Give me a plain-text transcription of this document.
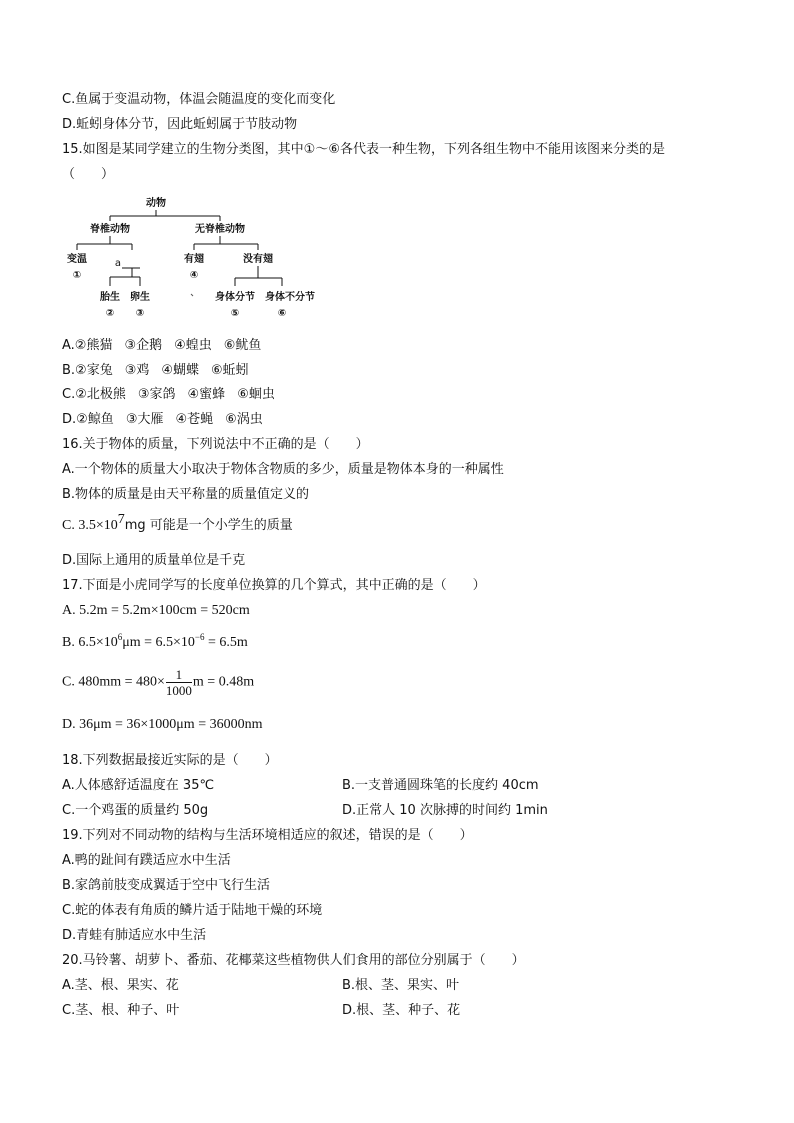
C.鱼属于变温动物，体温会随温度的变化而变化
D.蚯蚓身体分节，因此蚯蚓属于节肢动物
15.如图是某同学建立的生物分类图，其中①～⑥各代表一种生物，下列各组生物中不能用该图来分类的是
（　　）
动物
脊椎动物	无脊椎动物
变温
①
a
胎生
②
卵生
③
有翅
④
没有翅
身体分节
⑤
身体不分节
⑥
A.②熊猫 ③企鹅 ④蝗虫 ⑥鱿鱼
B.②家兔 ③鸡 ④蝴蝶 ⑥蚯蚓
C.②北极熊 ③家鸽 ④蜜蜂 ⑥蛔虫
D.②鲸鱼 ③大雁 ④苍蝇 ⑥涡虫
16.关于物体的质量，下列说法中不正确的是（　　）
A.一个物体的质量大小取决于物体含物质的多少，质量是物体本身的一种属性
B.物体的质量是由天平称量的质量值定义的
C. $3.5\times 10^7mg$ 可能是一个小学生的质量
D.国际上通用的质量单位是千克
17.下面是小虎同学写的长度单位换算的几个算式，其中正确的是（　　）
A. 5.2m = 5.2m×100cm = 520cm
B. $6.5\times 10^6\mu m = 6.5\times 10^{-6} = 6.5m$
C. $480mm = 480\times \frac{1}{1000}$ m = 0.48m
D. 36μm = 36×1000μm = 36000nm
18.下列数据最接近实际的是（　　）
A.人体感舒适温度在 35℃	B.一支普通圆珠笔的长度约 40cm
C.一个鸡蛋的质量约 50g	D.正常人 10 次脉搏的时间约 1min
19.下列对不同动物的结构与生活环境相适应的叙述，错误的是（　　）
A.鸭的趾间有蹼适应水中生活
B.家鸽前肢变成翼适于空中飞行生活
C.蛇的体表有角质的鳞片适于陆地干燥的环境
D.青蛙有肺适应水中生活
20.马铃薯、胡萝卜、番茄、花椰菜这些植物供人们食用的部位分别属于（　　）
A.茎、根、果实、花	B.根、茎、果实、叶
C.茎、根、种子、叶	D.根、茎、种子、花
